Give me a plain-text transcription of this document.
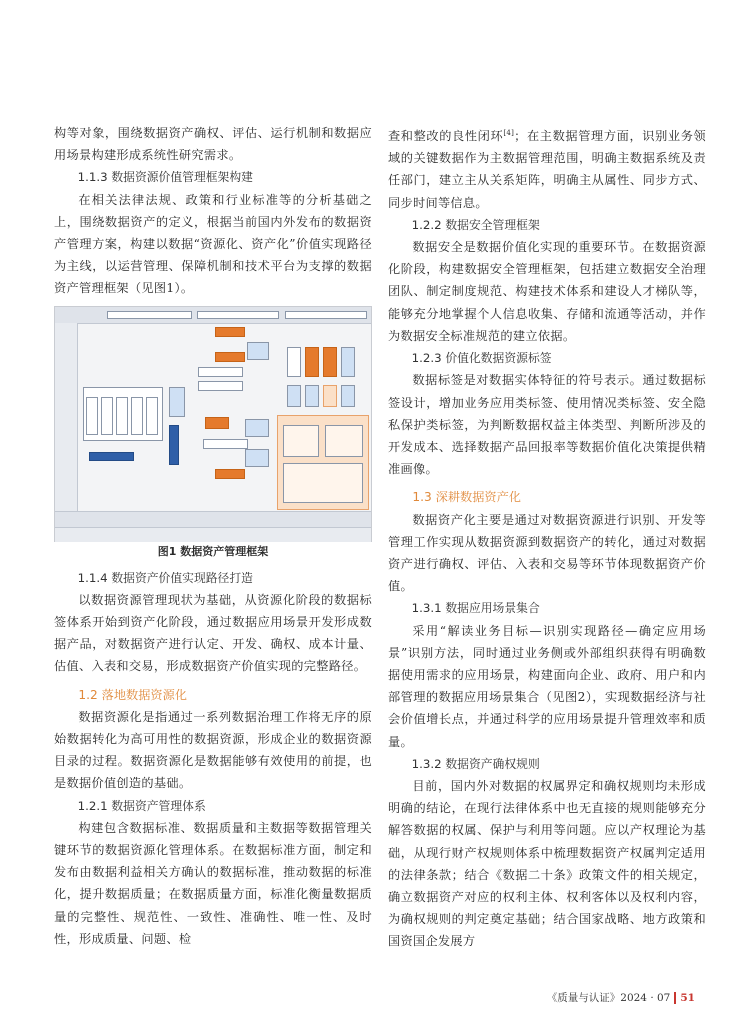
构等对象，围绕数据资产确权、评估、运行机制和数据应用场景构建形成系统性研究需求。

1.1.3 数据资源价值管理框架构建

在相关法律法规、政策和行业标准等的分析基础之上，围绕数据资产的定义，根据当前国内外发布的数据资产管理方案，构建以数据“资源化、资产化”价值实现路径为主线，以运营管理、保障机制和技术平台为支撑的数据资产管理框架（见图1）。

图1 数据资产管理框架
1.1.4 数据资产价值实现路径打造

以数据资源管理现状为基础，从资源化阶段的数据标签体系开始到资产化阶段，通过数据应用场景开发形成数据产品，对数据资产进行认定、开发、确权、成本计量、估值、入表和交易，形成数据资产价值实现的完整路径。

1.2 落地数据资源化

数据资源化是指通过一系列数据治理工作将无序的原始数据转化为高可用性的数据资源，形成企业的数据资源目录的过程。数据资源化是数据能够有效使用的前提，也是数据价值创造的基础。

1.2.1 数据资产管理体系

构建包含数据标准、数据质量和主数据等数据管理关键环节的数据资源化管理体系。在数据标准方面，制定和发布由数据利益相关方确认的数据标准，推动数据的标准化，提升数据质量；在数据质量方面，标准化衡量数据质量的完整性、规范性、一致性、准确性、唯一性、及时性，形成质量、问题、检

查和整改的良性闭环[4]；在主数据管理方面，识别业务领域的关键数据作为主数据管理范围，明确主数据系统及责任部门，建立主从关系矩阵，明确主从属性、同步方式、同步时间等信息。

1.2.2 数据安全管理框架

数据安全是数据价值化实现的重要环节。在数据资源化阶段，构建数据安全管理框架，包括建立数据安全治理团队、制定制度规范、构建技术体系和建设人才梯队等，能够充分地掌握个人信息收集、存储和流通等活动，并作为数据安全标准规范的建立依据。

1.2.3 价值化数据资源标签

数据标签是对数据实体特征的符号表示。通过数据标签设计，增加业务应用类标签、使用情况类标签、安全隐私保护类标签，为判断数据权益主体类型、判断所涉及的开发成本、选择数据产品回报率等数据价值化决策提供精准画像。

1.3 深耕数据资产化

数据资产化主要是通过对数据资源进行识别、开发等管理工作实现从数据资源到数据资产的转化，通过对数据资产进行确权、评估、入表和交易等环节体现数据资产价值。

1.3.1 数据应用场景集合

采用“解读业务目标—识别实现路径—确定应用场景”识别方法，同时通过业务侧或外部组织获得有明确数据使用需求的应用场景，构建面向企业、政府、用户和内部管理的数据应用场景集合（见图2），实现数据经济与社会价值增长点，并通过科学的应用场景提升管理效率和质量。

1.3.2 数据资产确权规则

目前，国内外对数据的权属界定和确权规则均未形成明确的结论，在现行法律体系中也无直接的规则能够充分解答数据的权属、保护与利用等问题。应以产权理论为基础，从现行财产权规则体系中梳理数据资产权属判定适用的法律条款；结合《数据二十条》政策文件的相关规定，确立数据资产对应的权利主体、权利客体以及权利内容，为确权规则的判定奠定基础；结合国家战略、地方政策和国资国企发展方

《质量与认证》2024 · 07 51
